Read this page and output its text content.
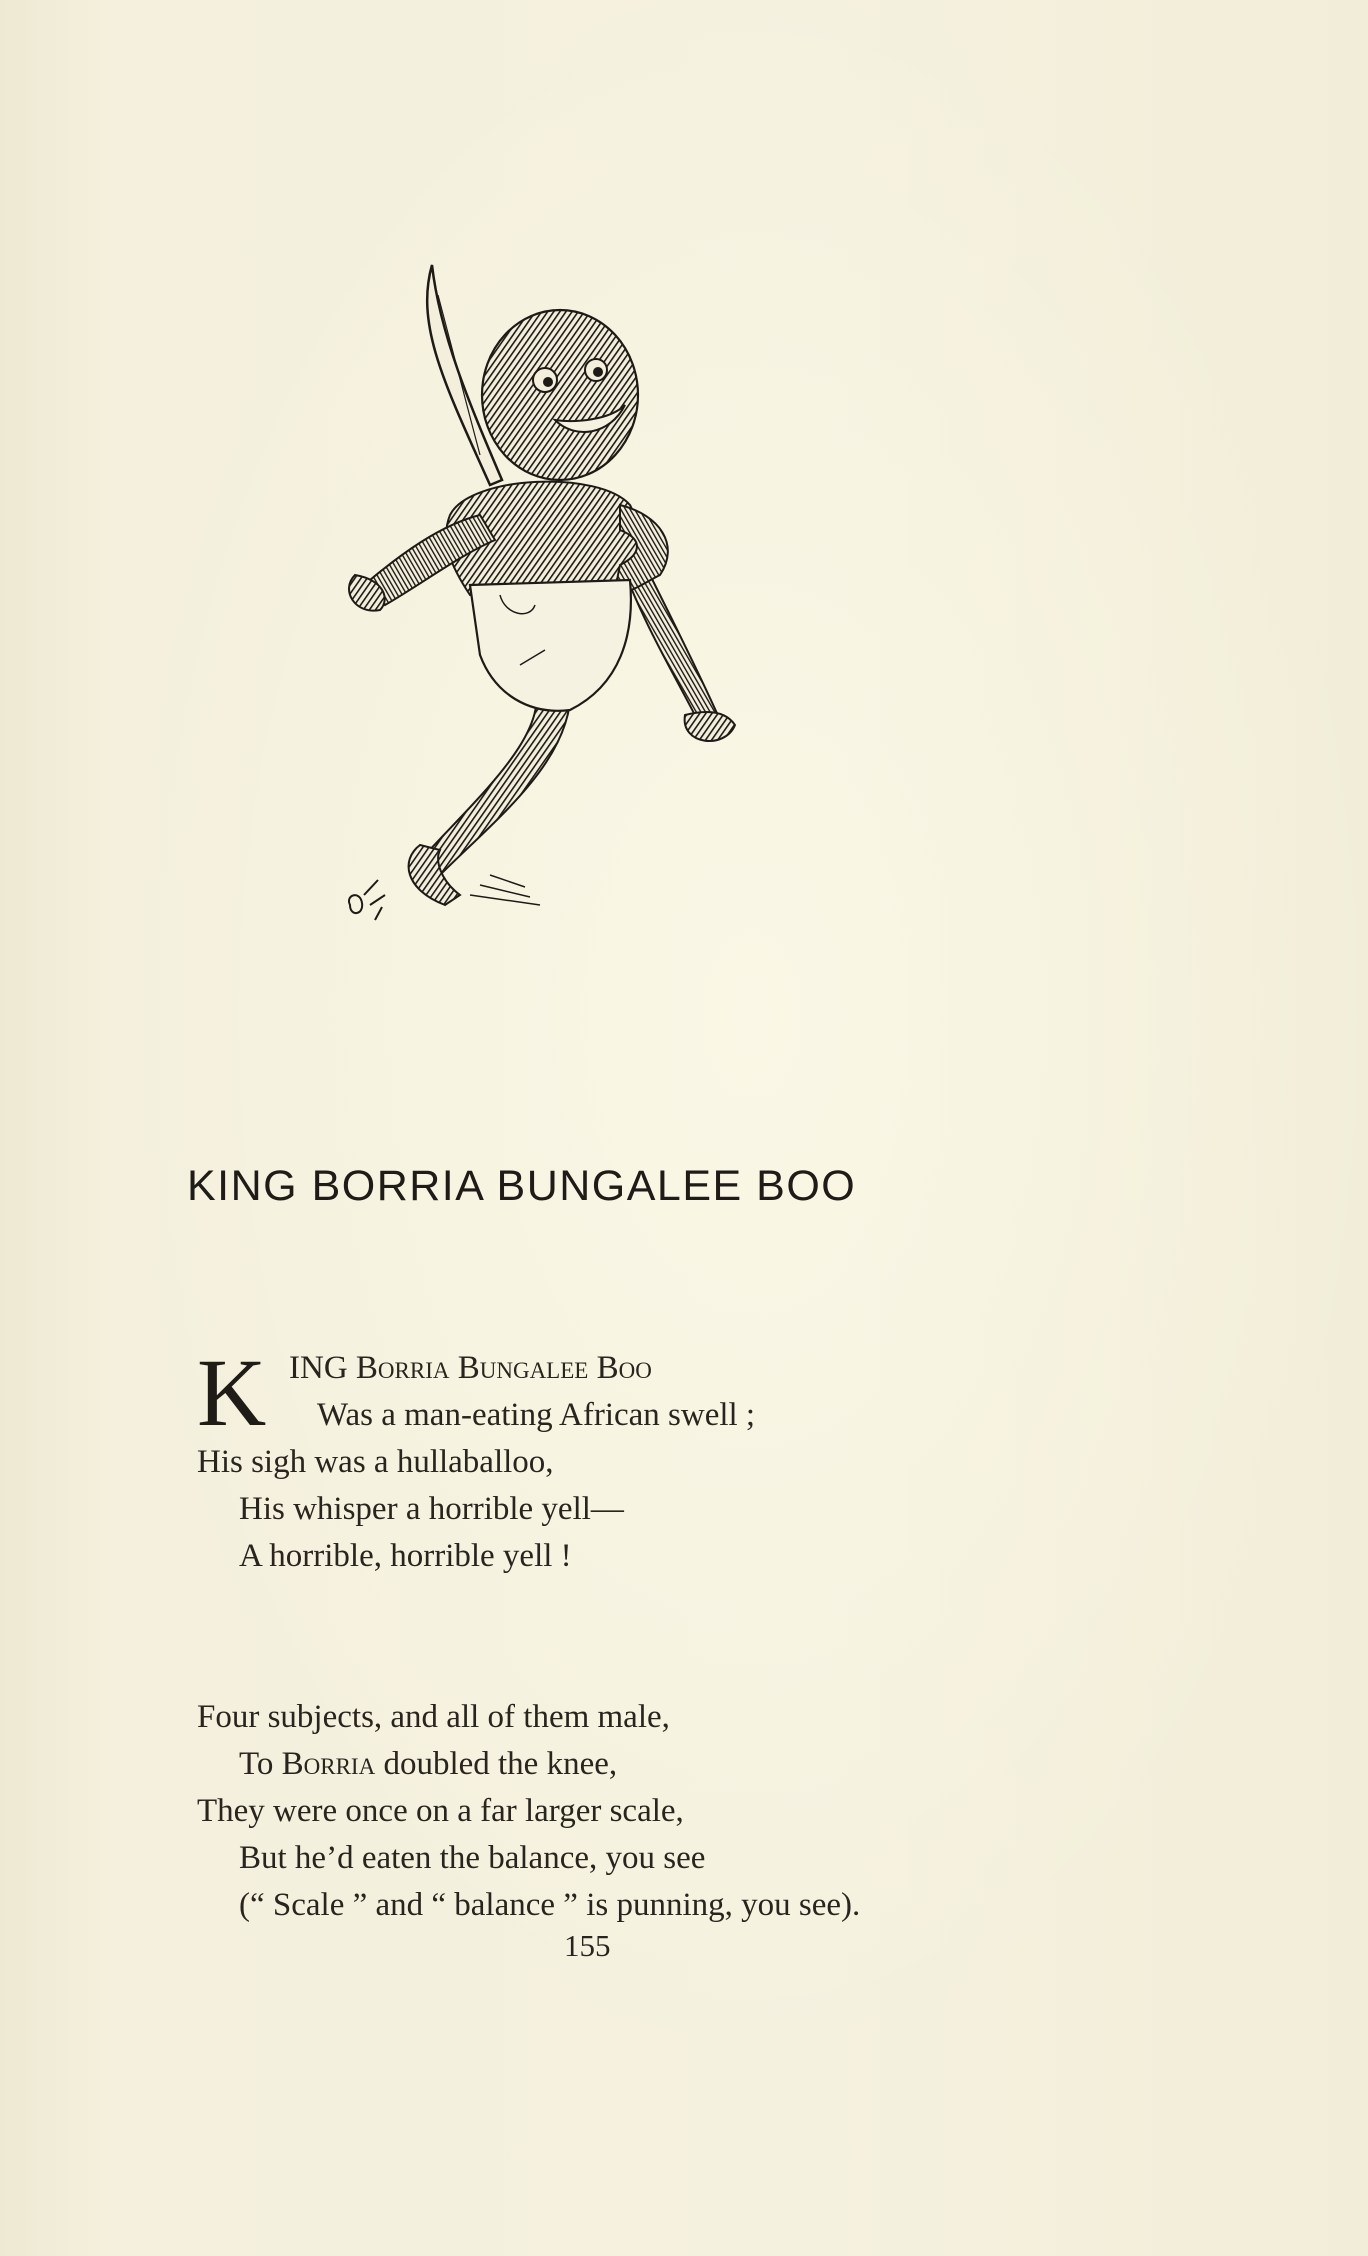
KING BORRIA BUNGALEE BOO
K ING Borria Bungalee Boo
Was a man-eating African swell ;
His sigh was a hullaballoo,
His whisper a horrible yell—
A horrible, horrible yell !
Four subjects, and all of them male,
To Borria doubled the knee,
They were once on a far larger scale,
But he’d eaten the balance, you see
(“ Scale ” and “ balance ” is punning, you see).
155
